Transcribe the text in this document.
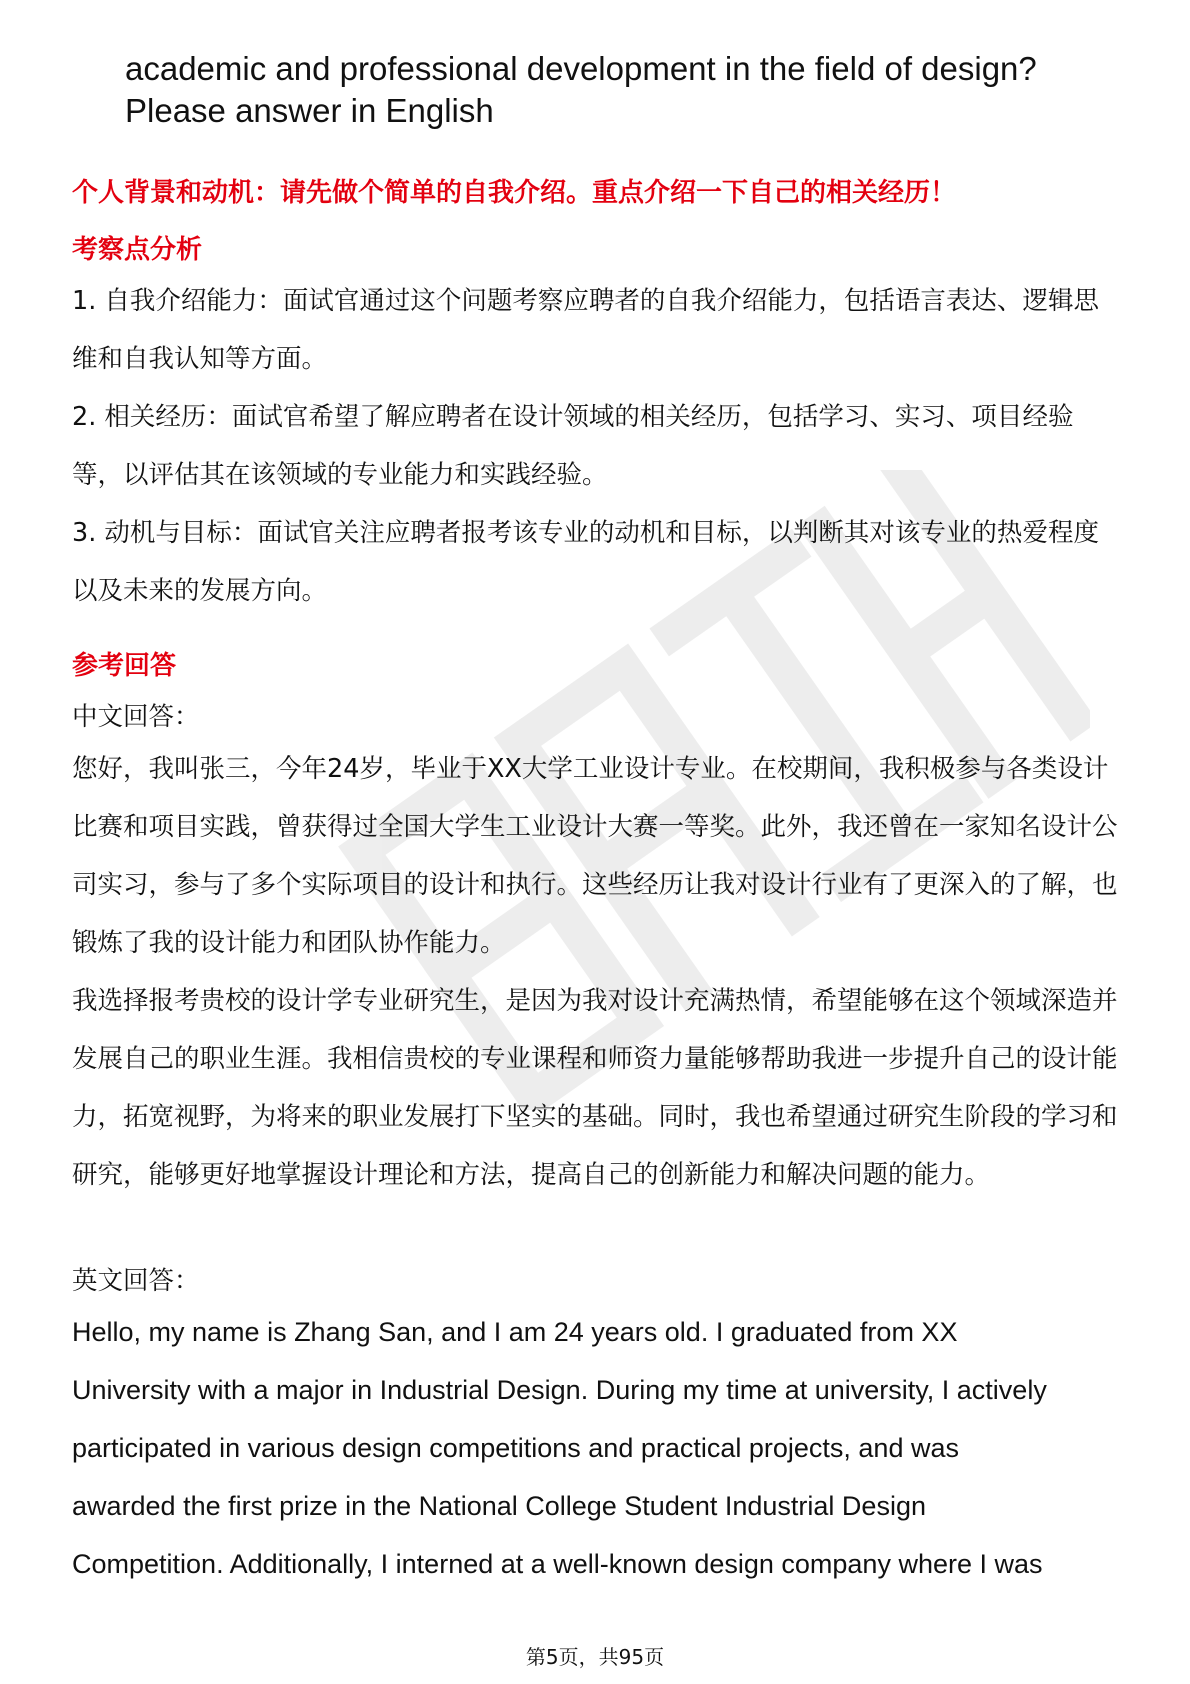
academic and professional development in the field of design?
Please answer in English
个人背景和动机：请先做个简单的自我介绍。重点介绍一下自己的相关经历！
考察点分析

1. 自我介绍能力：面试官通过这个问题考察应聘者的自我介绍能力，包括语言表达、逻辑思维和自我认知等方面。

2. 相关经历：面试官希望了解应聘者在设计领域的相关经历，包括学习、实习、项目经验等，以评估其在该领域的专业能力和实践经验。

3. 动机与目标：面试官关注应聘者报考该专业的动机和目标，以判断其对该专业的热爱程度以及未来的发展方向。

参考回答
中文回答：

您好，我叫张三，今年24岁，毕业于XX大学工业设计专业。在校期间，我积极参与各类设计比赛和项目实践，曾获得过全国大学生工业设计大赛一等奖。此外，我还曾在一家知名设计公司实习，参与了多个实际项目的设计和执行。这些经历让我对设计行业有了更深入的了解，也锻炼了我的设计能力和团队协作能力。

我选择报考贵校的设计学专业研究生，是因为我对设计充满热情，希望能够在这个领域深造并发展自己的职业生涯。我相信贵校的专业课程和师资力量能够帮助我进一步提升自己的设计能力，拓宽视野，为将来的职业发展打下坚实的基础。同时，我也希望通过研究生阶段的学习和研究，能够更好地掌握设计理论和方法，提高自己的创新能力和解决问题的能力。

英文回答：

Hello, my name is Zhang San, and I am 24 years old. I graduated from XX

University with a major in Industrial Design. During my time at university, I actively

participated in various design competitions and practical projects, and was

awarded the first prize in the National College Student Industrial Design

Competition. Additionally, I interned at a well-known design company where I was

第5页，共95页
